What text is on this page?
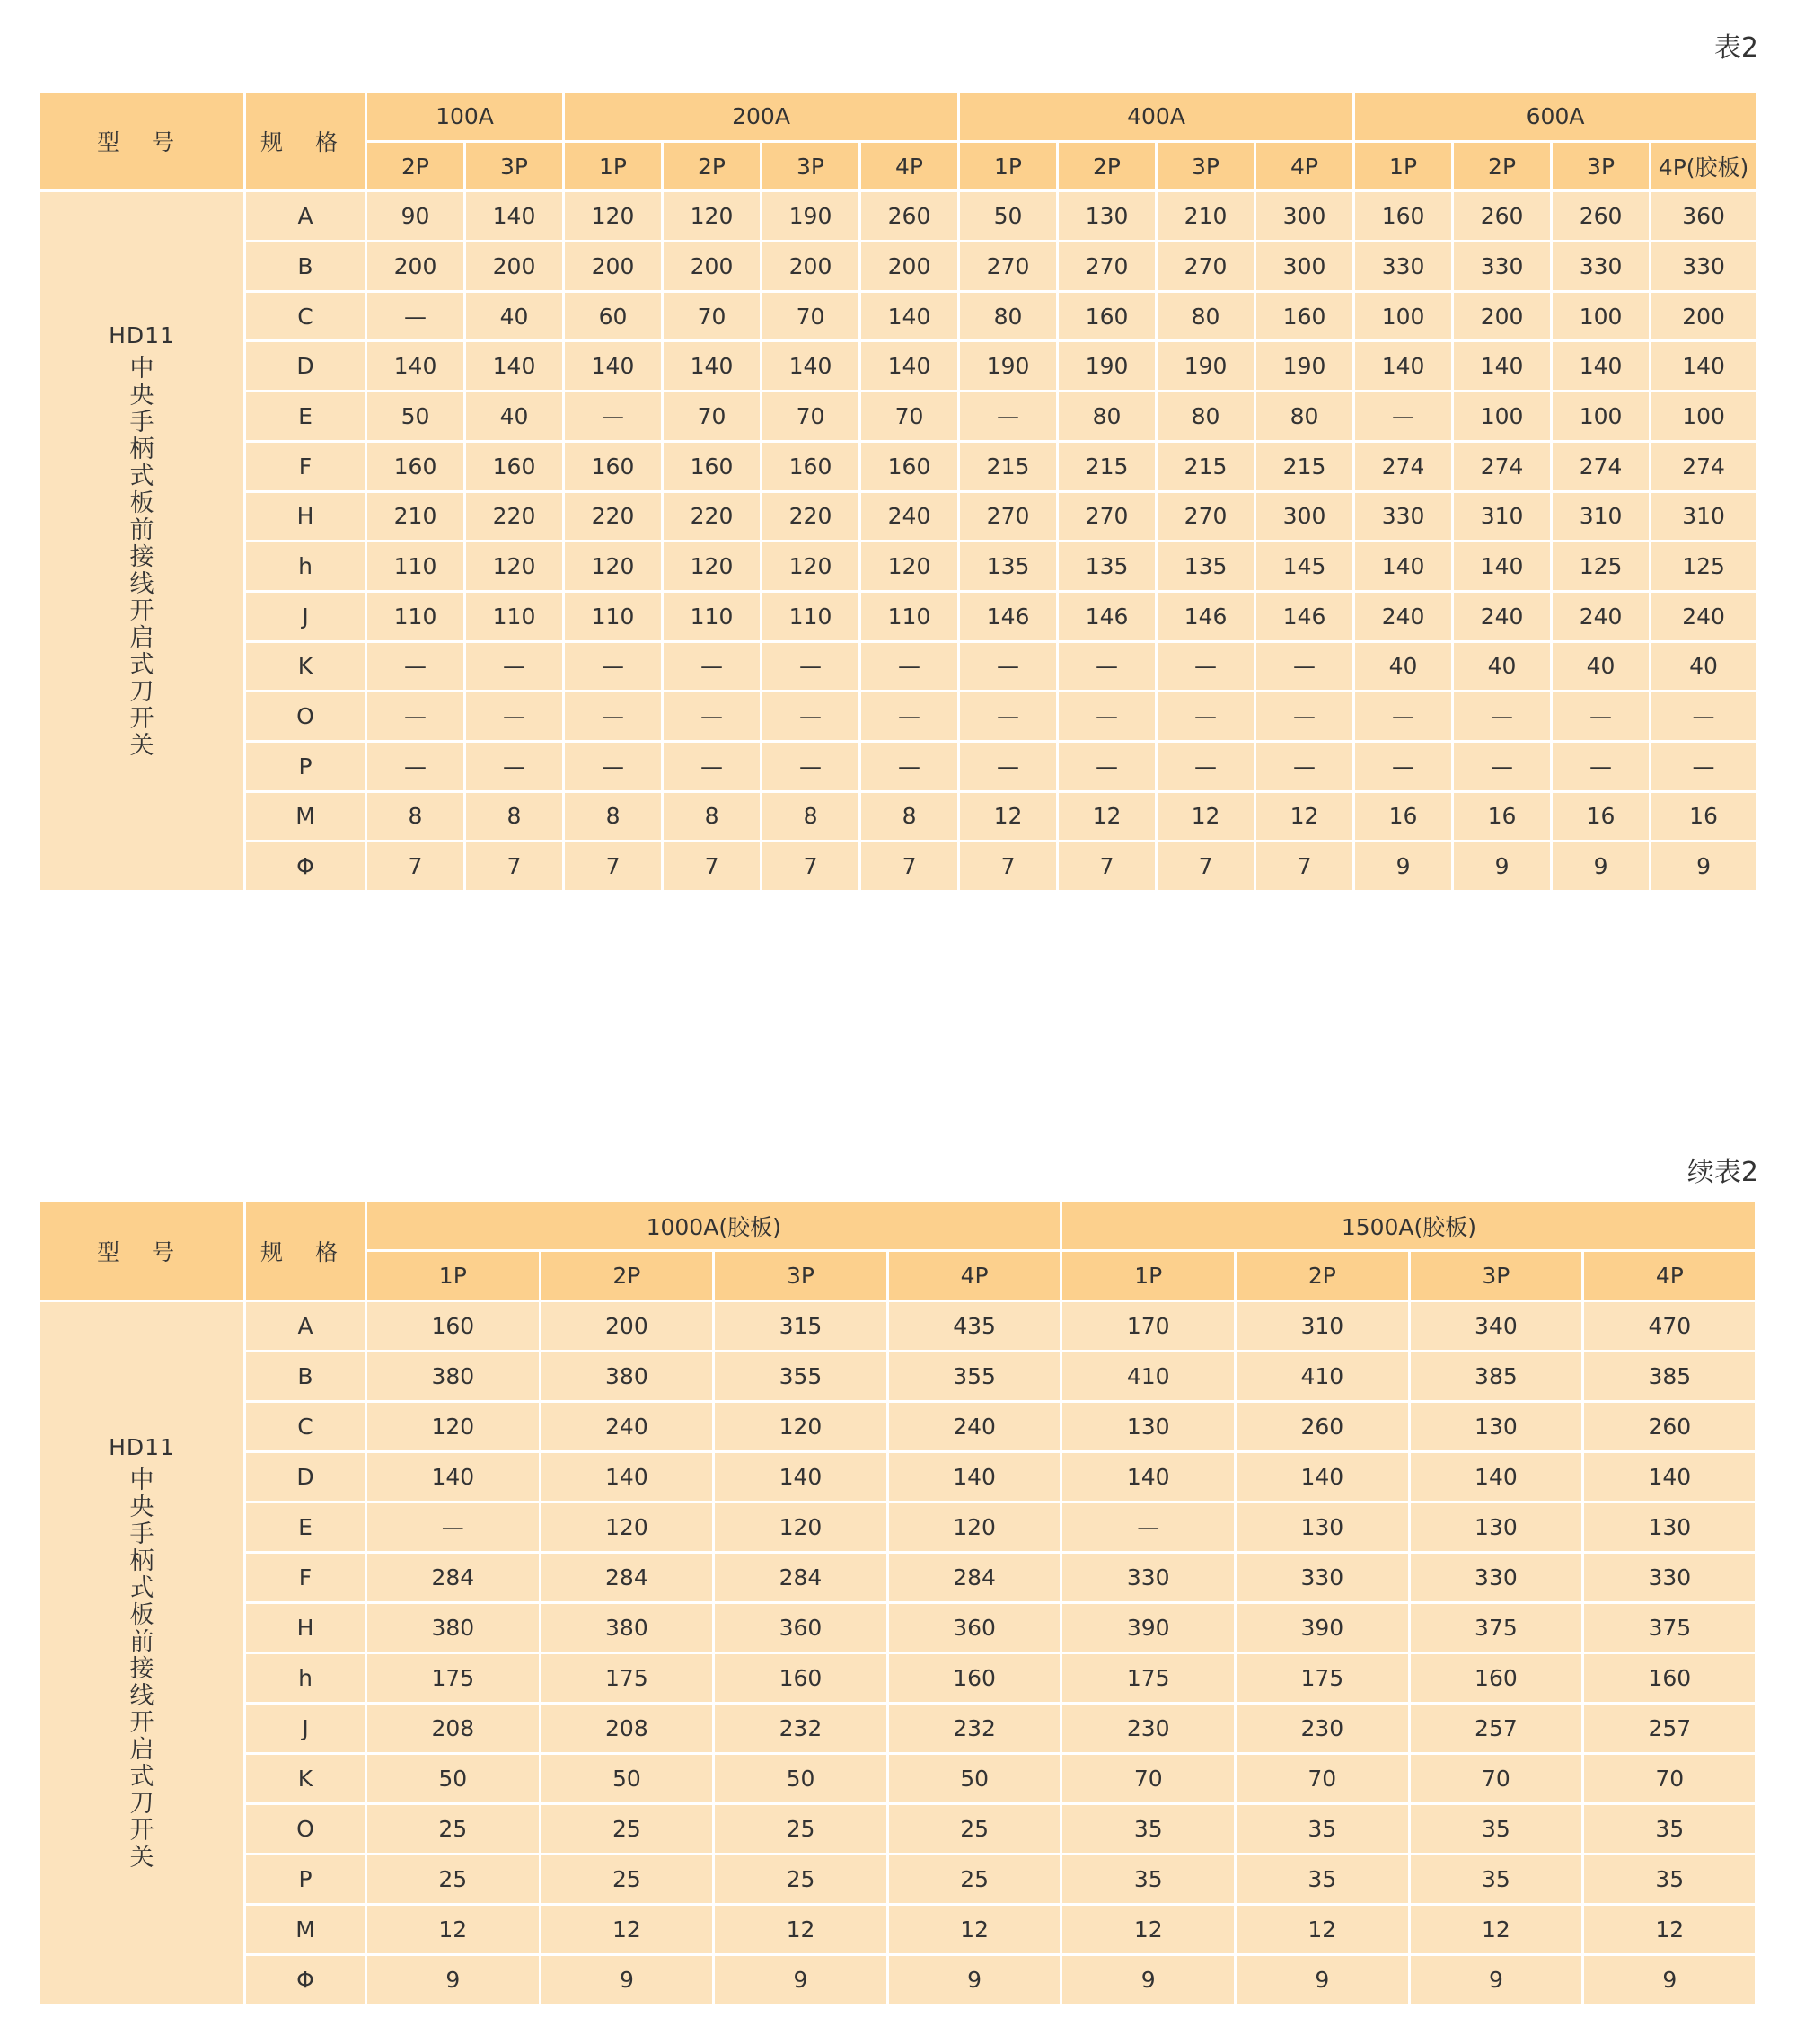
表2
型 号	规 格	100A		200A				400A				600A			
		2P	3P	1P	2P	3P	4P	1P	2P	3P	4P	1P	2P	3P	4P(胶板)

HD11
中央手柄式板前接线开启式刀开关	A	90	140	120	120	190	260	50	130	210	300	160	260	260	360
	B	200	200	200	200	200	200	270	270	270	300	330	330	330	330
	C	—	40	60	70	70	140	80	160	80	160	100	200	100	200
	D	140	140	140	140	140	140	190	190	190	190	140	140	140	140
	E	50	40	—	70	70	70	—	80	80	80	—	100	100	100
	F	160	160	160	160	160	160	215	215	215	215	274	274	274	274
	H	210	220	220	220	220	240	270	270	270	300	330	310	310	310
	h	110	120	120	120	120	120	135	135	135	145	140	140	125	125
	J	110	110	110	110	110	110	146	146	146	146	240	240	240	240
	K	—	—	—	—	—	—	—	—	—	—	40	40	40	40
	O	—	—	—	—	—	—	—	—	—	—	—	—	—	—
	P	—	—	—	—	—	—	—	—	—	—	—	—	—	—
	M	8	8	8	8	8	8	12	12	12	12	16	16	16	16
	Φ	7	7	7	7	7	7	7	7	7	7	9	9	9	9
续表2
型 号	规 格	1000A(胶板)				1500A(胶板)			
		1P	2P	3P	4P	1P	2P	3P	4P

HD11
中央手柄式板前接线开启式刀开关	A	160	200	315	435	170	310	340	470
	B	380	380	355	355	410	410	385	385
	C	120	240	120	240	130	260	130	260
	D	140	140	140	140	140	140	140	140
	E	—	120	120	120	—	130	130	130
	F	284	284	284	284	330	330	330	330
	H	380	380	360	360	390	390	375	375
	h	175	175	160	160	175	175	160	160
	J	208	208	232	232	230	230	257	257
	K	50	50	50	50	70	70	70	70
	O	25	25	25	25	35	35	35	35
	P	25	25	25	25	35	35	35	35
	M	12	12	12	12	12	12	12	12
	Φ	9	9	9	9	9	9	9	9
